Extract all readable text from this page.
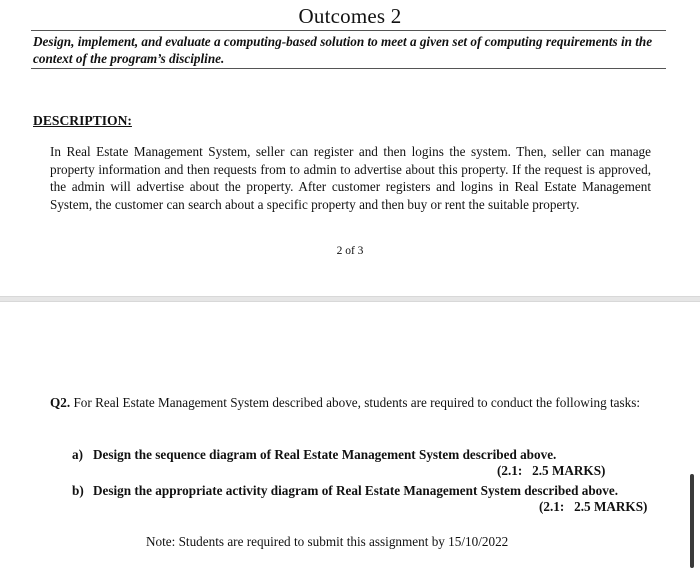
Outcomes 2
Design, implement, and evaluate a computing-based solution to meet a given set of computing requirements in the context of the program’s discipline.
DESCRIPTION:
In Real Estate Management System, seller can register and then logins the system. Then, seller can manage property information and then requests from to admin to advertise about this property. If the request is approved, the admin will advertise about the property. After customer registers and logins in Real Estate Management System, the customer can search about a specific property and then buy or rent the suitable property.
2 of 3
Q2. For Real Estate Management System described above, students are required to conduct the following tasks:
a) Design the sequence diagram of Real Estate Management System described above.
(2.1:   2.5 MARKS)
b) Design the appropriate activity diagram of Real Estate Management System described above.
(2.1:   2.5 MARKS)
Note: Students are required to submit this assignment by 15/10/2022
